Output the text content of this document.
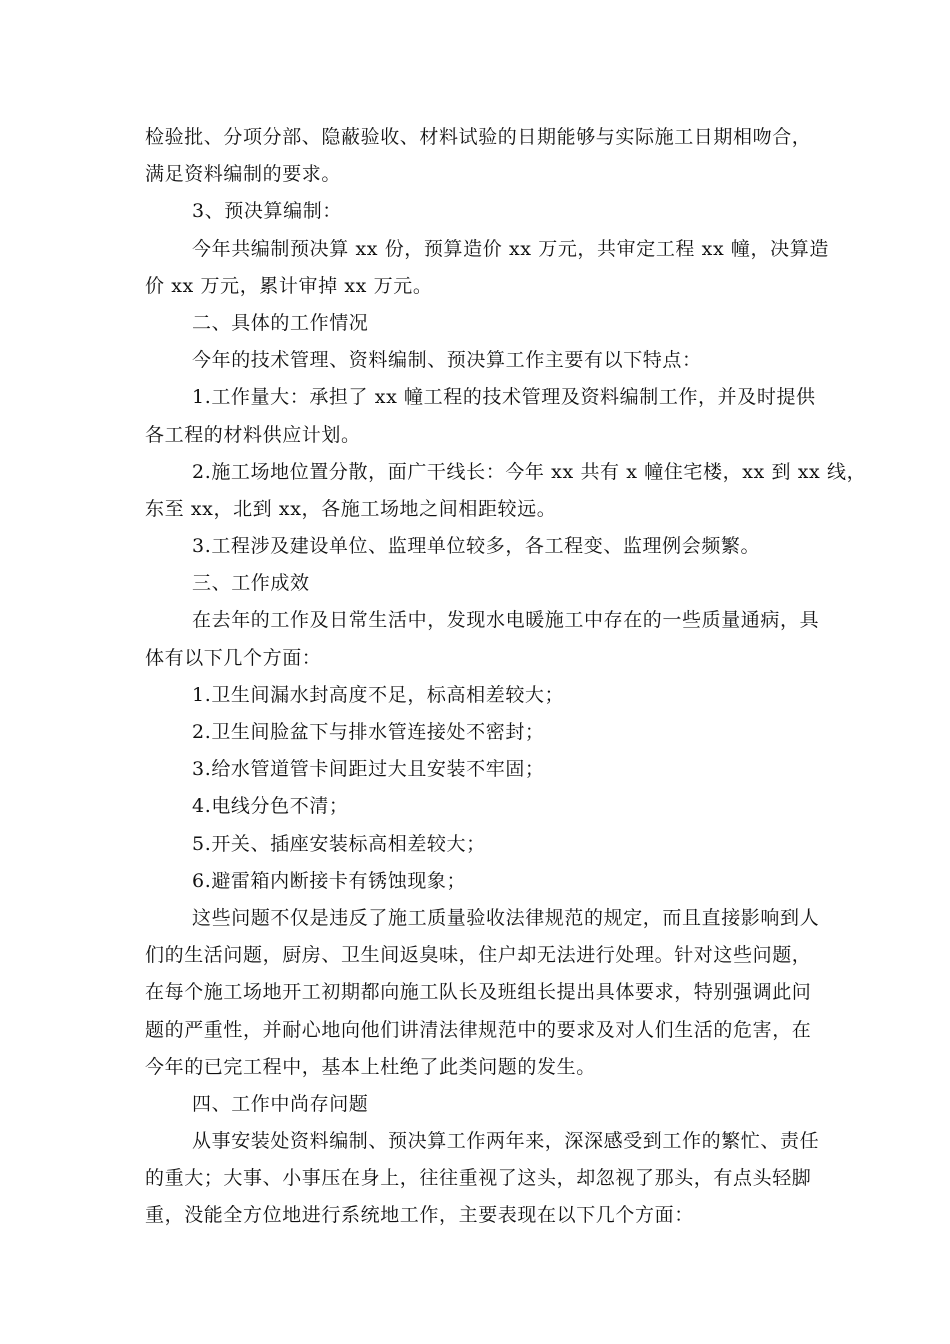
检验批、分项分部、隐蔽验收、材料试验的日期能够与实际施工日期相吻合，
满足资料编制的要求。
3、预决算编制：
今年共编制预决算 xx 份，预算造价 xx 万元，共审定工程 xx 幢，决算造
价 xx 万元，累计审掉 xx 万元。
二、具体的工作情况
今年的技术管理、资料编制、预决算工作主要有以下特点：
1.工作量大：承担了 xx 幢工程的技术管理及资料编制工作，并及时提供
各工程的材料供应计划。
2.施工场地位置分散，面广干线长：今年 xx 共有 x 幢住宅楼，xx 到 xx 线，
东至 xx，北到 xx，各施工场地之间相距较远。
3.工程涉及建设单位、监理单位较多，各工程变、监理例会频繁。
三、工作成效
在去年的工作及日常生活中，发现水电暖施工中存在的一些质量通病，具
体有以下几个方面：
1.卫生间漏水封高度不足，标高相差较大；
2.卫生间脸盆下与排水管连接处不密封；
3.给水管道管卡间距过大且安装不牢固；
4.电线分色不清；
5.开关、插座安装标高相差较大；
6.避雷箱内断接卡有锈蚀现象；
这些问题不仅是违反了施工质量验收法律规范的规定，而且直接影响到人
们的生活问题，厨房、卫生间返臭味，住户却无法进行处理。针对这些问题，
在每个施工场地开工初期都向施工队长及班组长提出具体要求，特别强调此问
题的严重性，并耐心地向他们讲清法律规范中的要求及对人们生活的危害，在
今年的已完工程中，基本上杜绝了此类问题的发生。
四、工作中尚存问题
从事安装处资料编制、预决算工作两年来，深深感受到工作的繁忙、责任
的重大；大事、小事压在身上，往往重视了这头，却忽视了那头，有点头轻脚
重，没能全方位地进行系统地工作，主要表现在以下几个方面：
